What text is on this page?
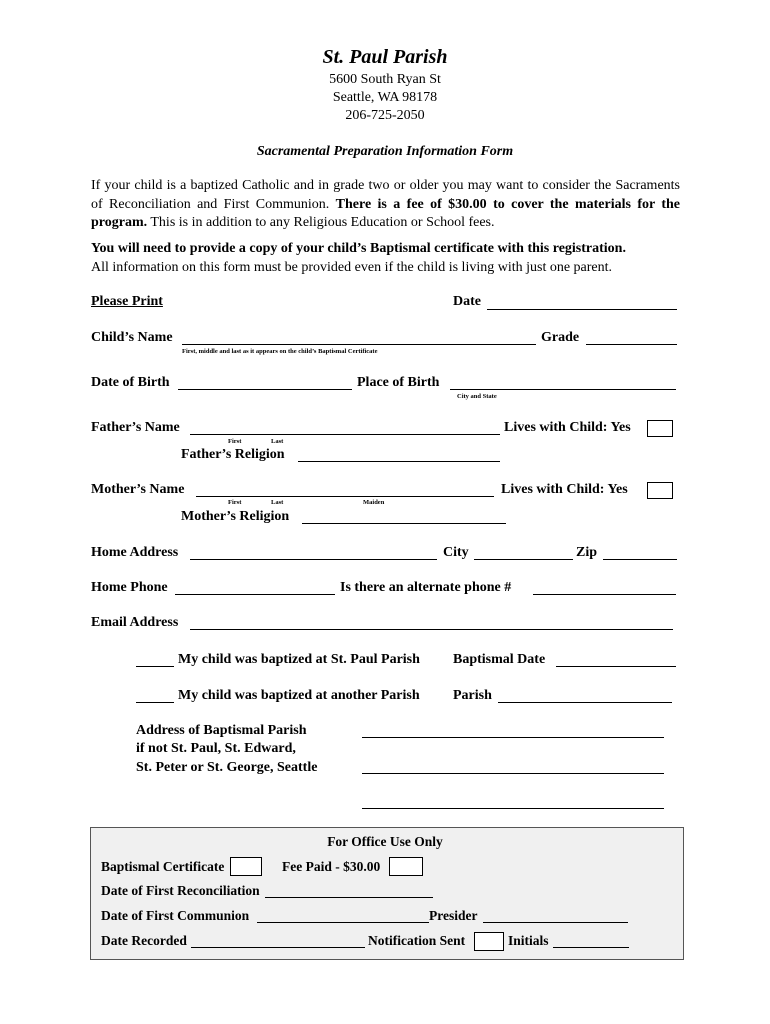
St. Paul Parish
5600 South Ryan St
Seattle, WA 98178
206-725-2050
Sacramental Preparation Information Form
If your child is a baptized Catholic and in grade two or older you may want to consider the Sacraments of Reconciliation and First Communion. There is a fee of $30.00 to cover the materials for the program. This is in addition to any Religious Education or School fees.
You will need to provide a copy of your child’s Baptismal certificate with this registration.
All information on this form must be provided even if the child is living with just one parent.
Please Print	Date
Child’s Name
First, middle and last as it appears on the child’s Baptismal Certificate
Grade
Date of Birth	Place of Birth
City and State
Father’s Name
First	Last
Lives with Child: Yes
Father’s Religion
Mother’s Name
First	Last	Maiden
Lives with Child: Yes
Mother’s Religion
Home Address	City	Zip
Home Phone	Is there an alternate phone #
Email Address
My child was baptized at St. Paul Parish Baptismal Date
My child was baptized at another Parish Parish
Address of Baptismal Parish
if not St. Paul, St. Edward,
St. Peter or St. George, Seattle
For Office Use Only
Baptismal Certificate	Fee Paid - $30.00
Date of First Reconciliation
Date of First Communion	Presider
Date Recorded	Notification Sent	Initials
